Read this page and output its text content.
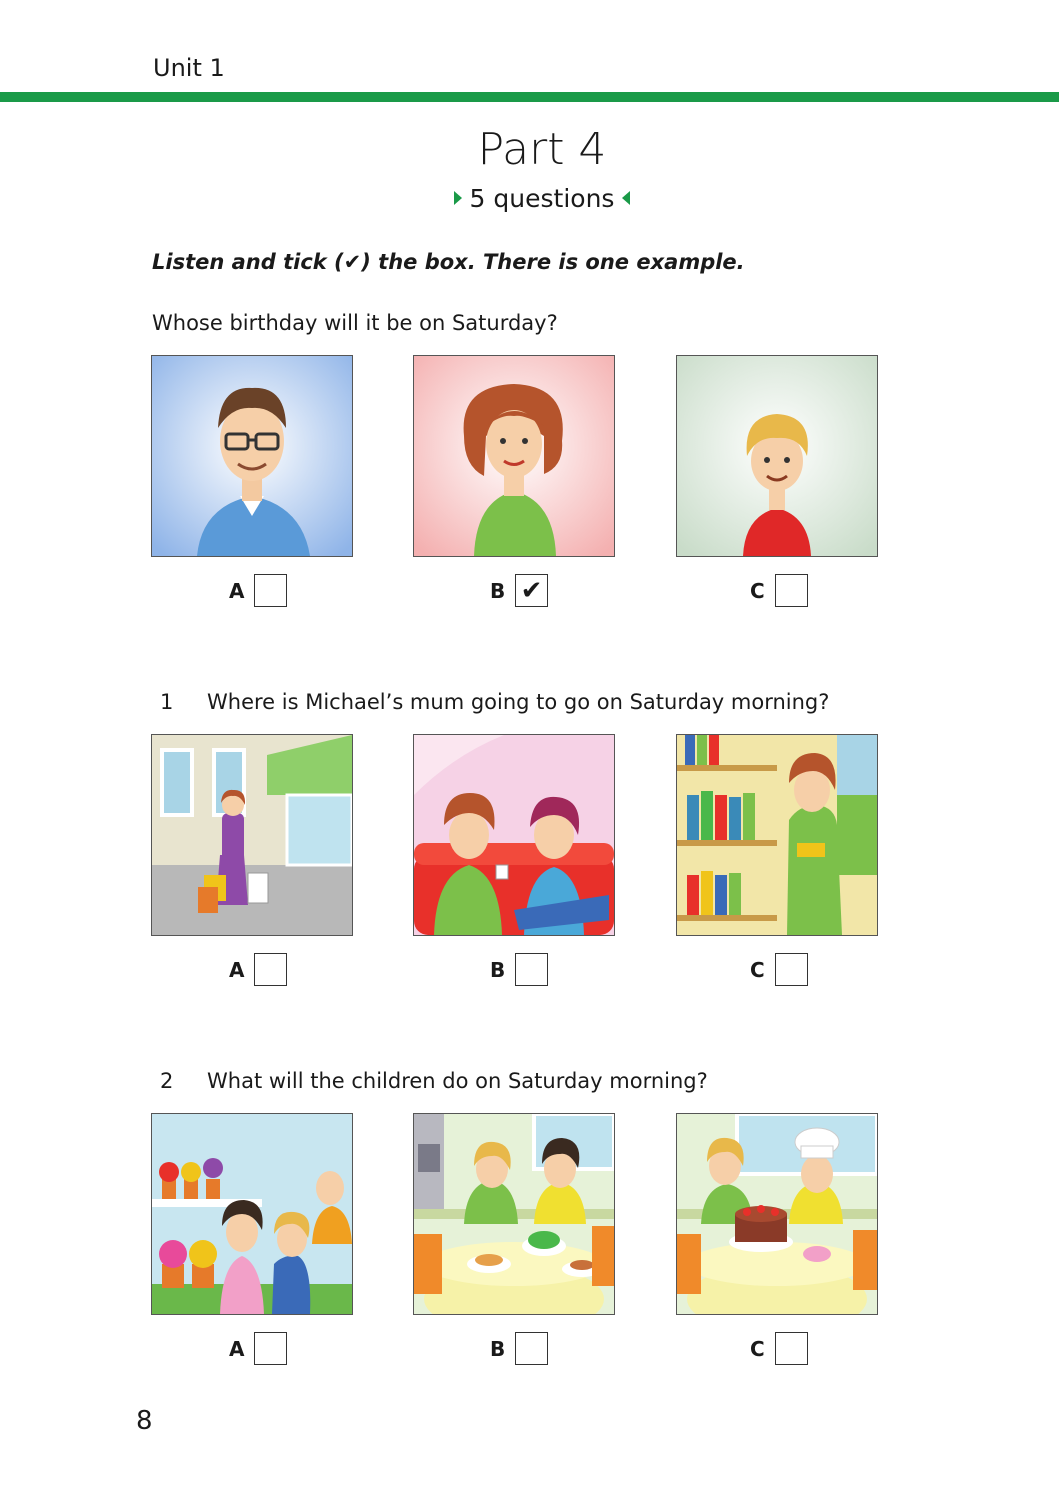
Unit 1
Part 4
5 questions
Listen and tick (✔) the box. There is one example.
Whose birthday will it be on Saturday?
A	B ✔	C
1 Where is Michael’s mum going to go on Saturday morning?
A	B	C
2 What will the children do on Saturday morning?
A	B	C
8
